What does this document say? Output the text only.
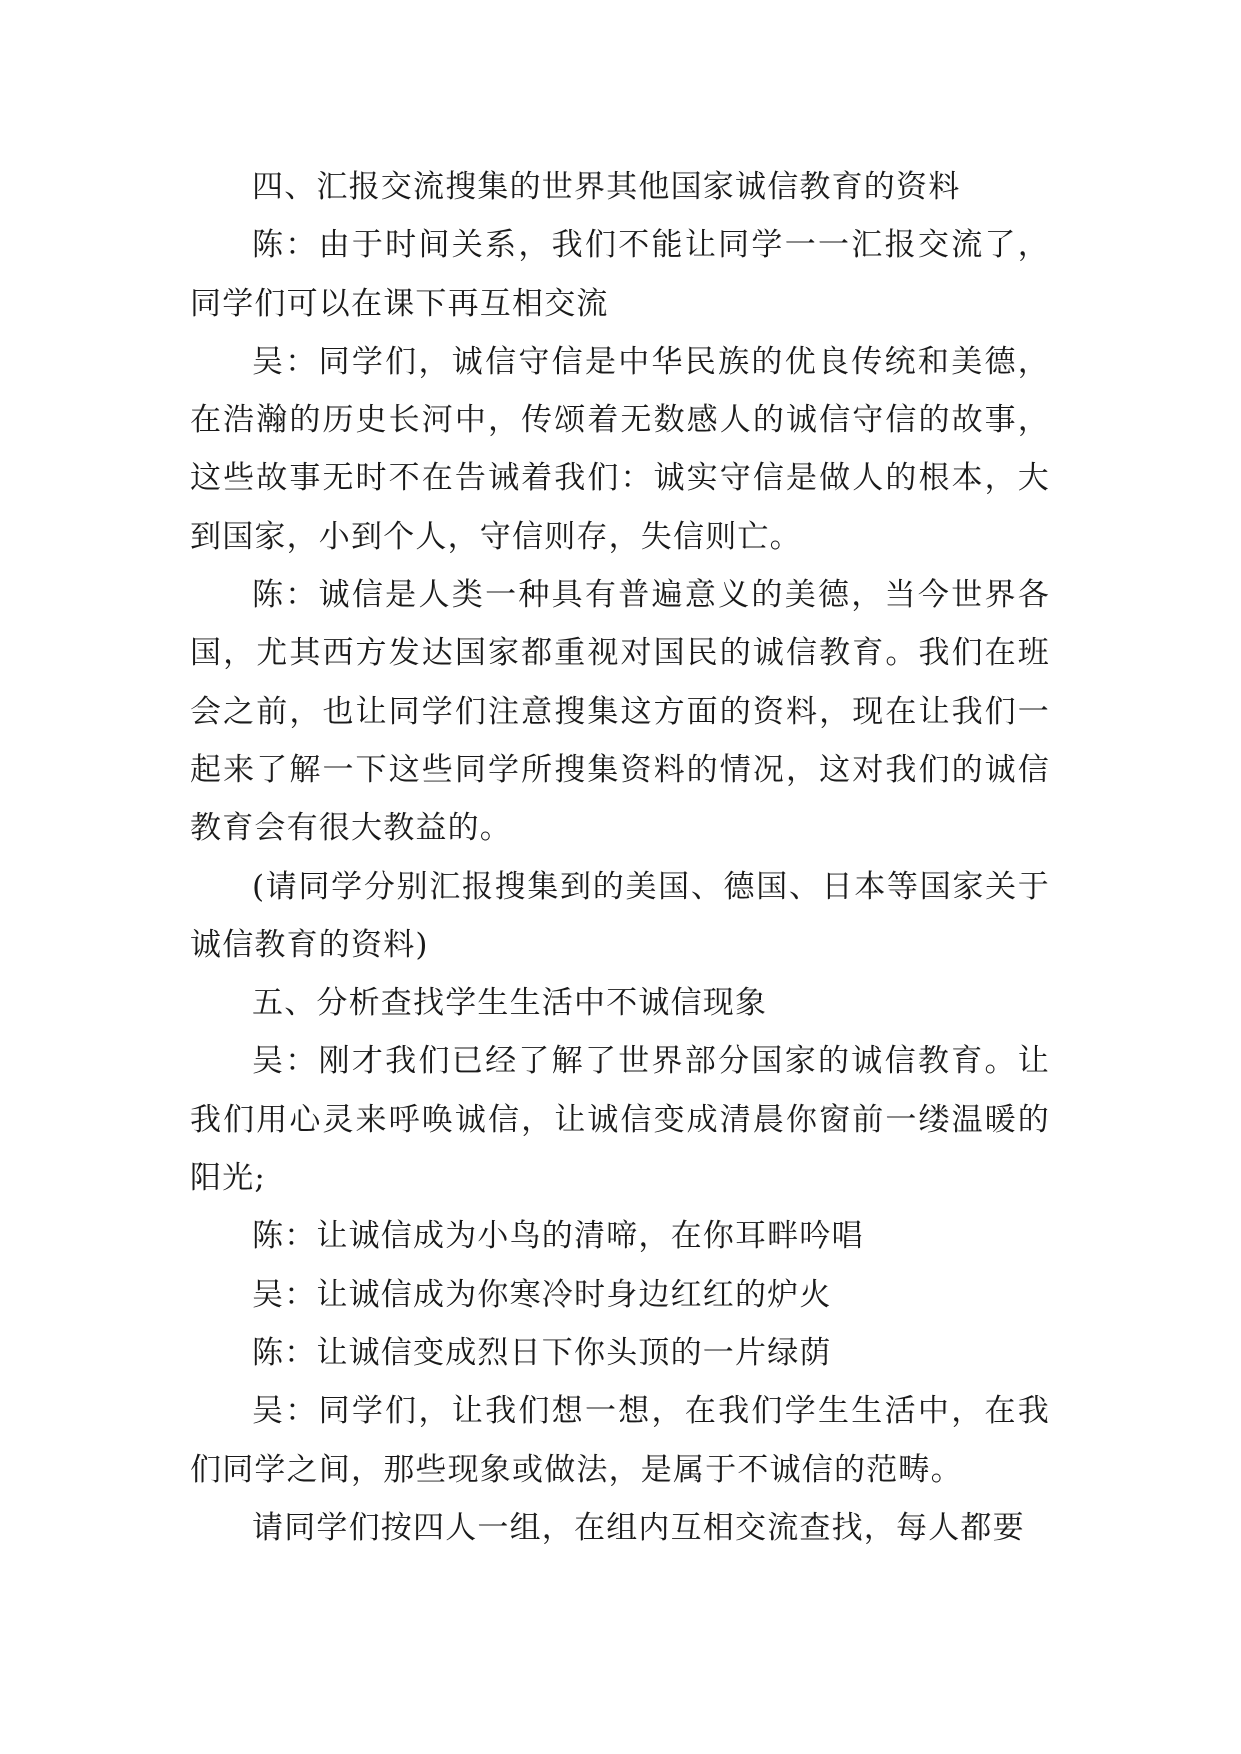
四、汇报交流搜集的世界其他国家诚信教育的资料

陈：由于时间关系，我们不能让同学一一汇报交流了，同学们可以在课下再互相交流

吴：同学们，诚信守信是中华民族的优良传统和美德，在浩瀚的历史长河中，传颂着无数感人的诚信守信的故事，这些故事无时不在告诫着我们：诚实守信是做人的根本，大到国家，小到个人，守信则存，失信则亡。

陈：诚信是人类一种具有普遍意义的美德，当今世界各国，尤其西方发达国家都重视对国民的诚信教育。我们在班会之前，也让同学们注意搜集这方面的资料，现在让我们一起来了解一下这些同学所搜集资料的情况，这对我们的诚信教育会有很大教益的。

(请同学分别汇报搜集到的美国、德国、日本等国家关于诚信教育的资料)

五、分析查找学生生活中不诚信现象

吴：刚才我们已经了解了世界部分国家的诚信教育。让我们用心灵来呼唤诚信，让诚信变成清晨你窗前一缕温暖的阳光;

陈：让诚信成为小鸟的清啼，在你耳畔吟唱

吴：让诚信成为你寒冷时身边红红的炉火

陈：让诚信变成烈日下你头顶的一片绿荫

吴：同学们，让我们想一想，在我们学生生活中，在我们同学之间，那些现象或做法，是属于不诚信的范畴。

请同学们按四人一组，在组内互相交流查找，每人都要
